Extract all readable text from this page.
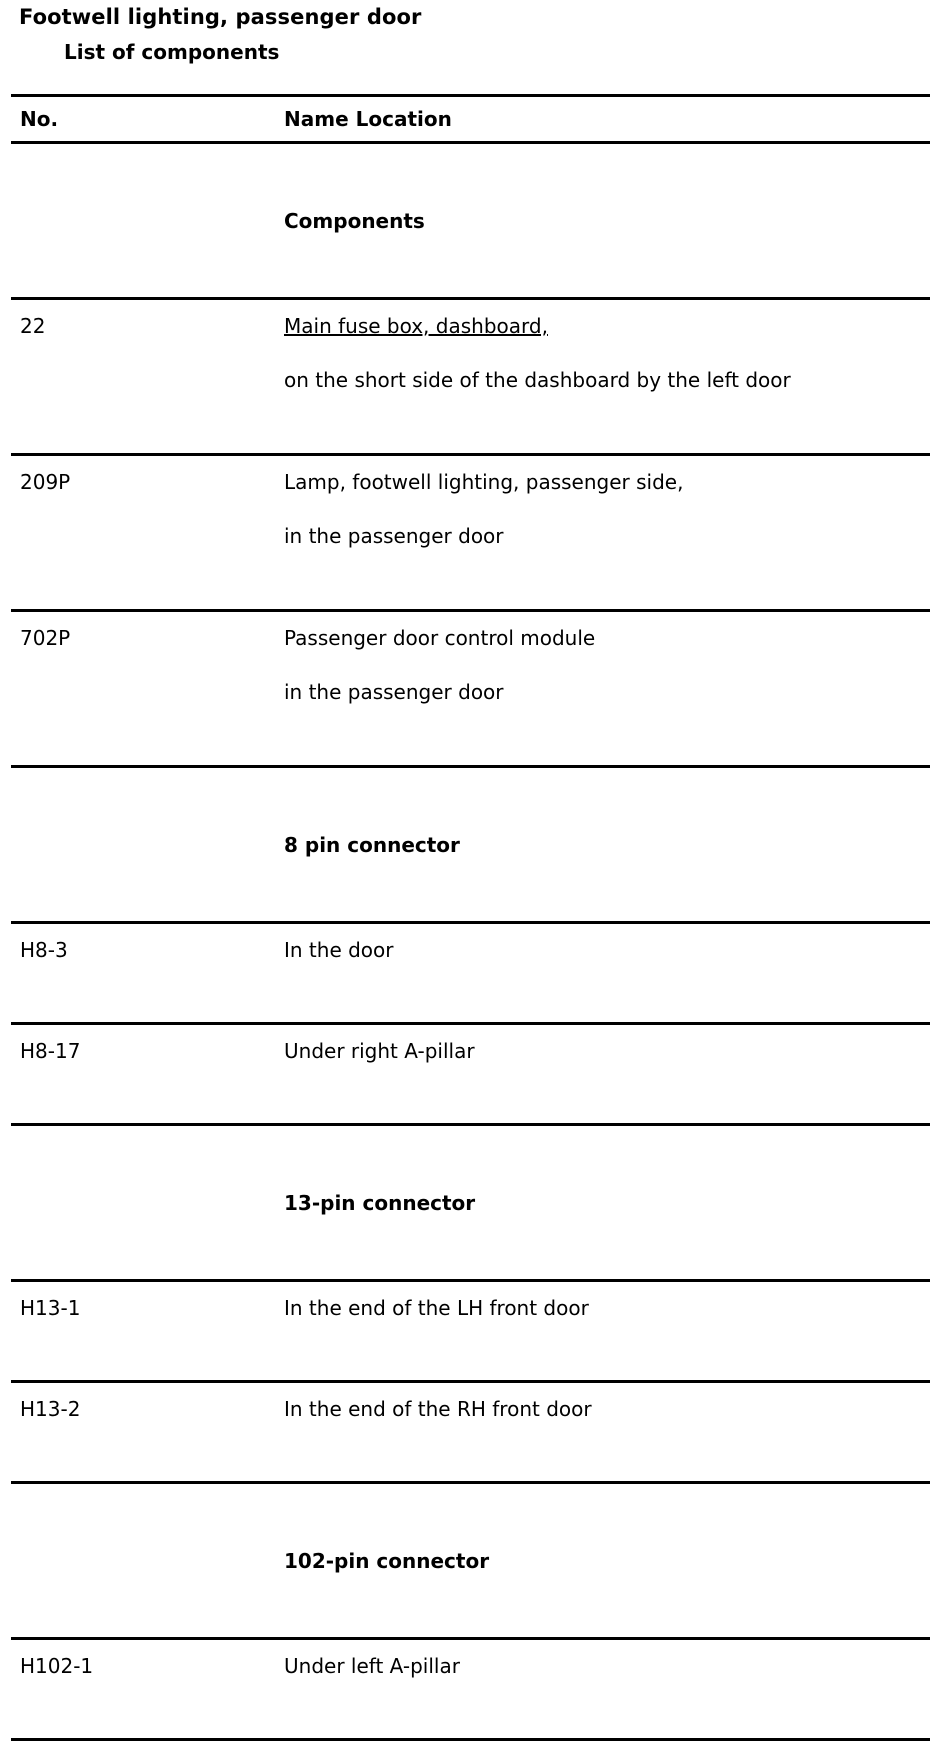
Footwell lighting, passenger door
List of components
No.	Name Location
Components
22	Main fuse box, dashboard,
on the short side of the dashboard by the left door
209P	Lamp, footwell lighting, passenger side,
in the passenger door
702P	Passenger door control module
in the passenger door
8 pin connector
H8-3	In the door
H8-17	Under right A-pillar
13-pin connector
H13-1	In the end of the LH front door
H13-2	In the end of the RH front door
102-pin connector
H102-1	Under left A-pillar
